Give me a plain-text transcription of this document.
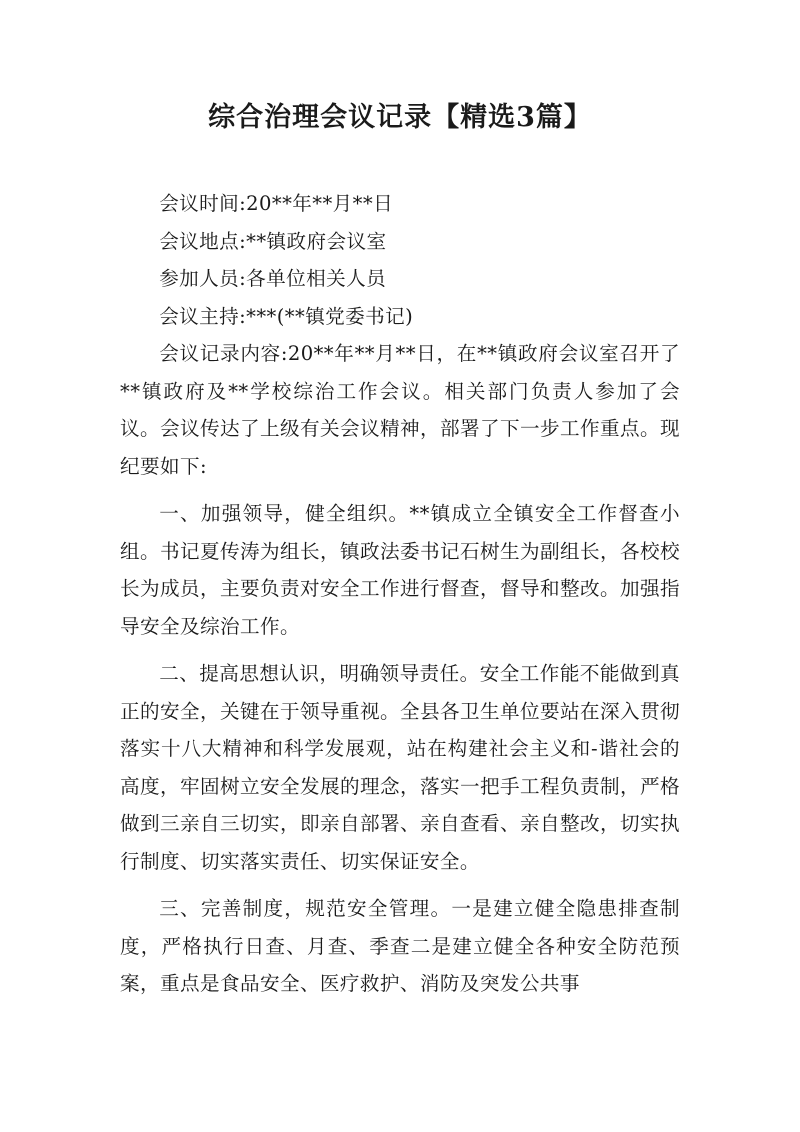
综合治理会议记录【精选3篇】

会议时间:20**年**月**日

会议地点:**镇政府会议室

参加人员:各单位相关人员

会议主持:***(**镇党委书记)

会议记录内容:20**年**月**日，在**镇政府会议室召开了**镇政府及**学校综治工作会议。相关部门负责人参加了会议。会议传达了上级有关会议精神，部署了下一步工作重点。现纪要如下:

一、加强领导，健全组织。**镇成立全镇安全工作督查小组。书记夏传涛为组长，镇政法委书记石树生为副组长，各校校长为成员，主要负责对安全工作进行督查，督导和整改。加强指导安全及综治工作。

二、提高思想认识，明确领导责任。安全工作能不能做到真正的安全，关键在于领导重视。全县各卫生单位要站在深入贯彻落实十八大精神和科学发展观，站在构建社会主义和-谐社会的高度，牢固树立安全发展的理念，落实一把手工程负责制，严格做到三亲自三切实，即亲自部署、亲自查看、亲自整改，切实执行制度、切实落实责任、切实保证安全。

三、完善制度，规范安全管理。一是建立健全隐患排查制度，严格执行日查、月查、季查二是建立健全各种安全防范预案，重点是食品安全、医疗救护、消防及突发公共事
